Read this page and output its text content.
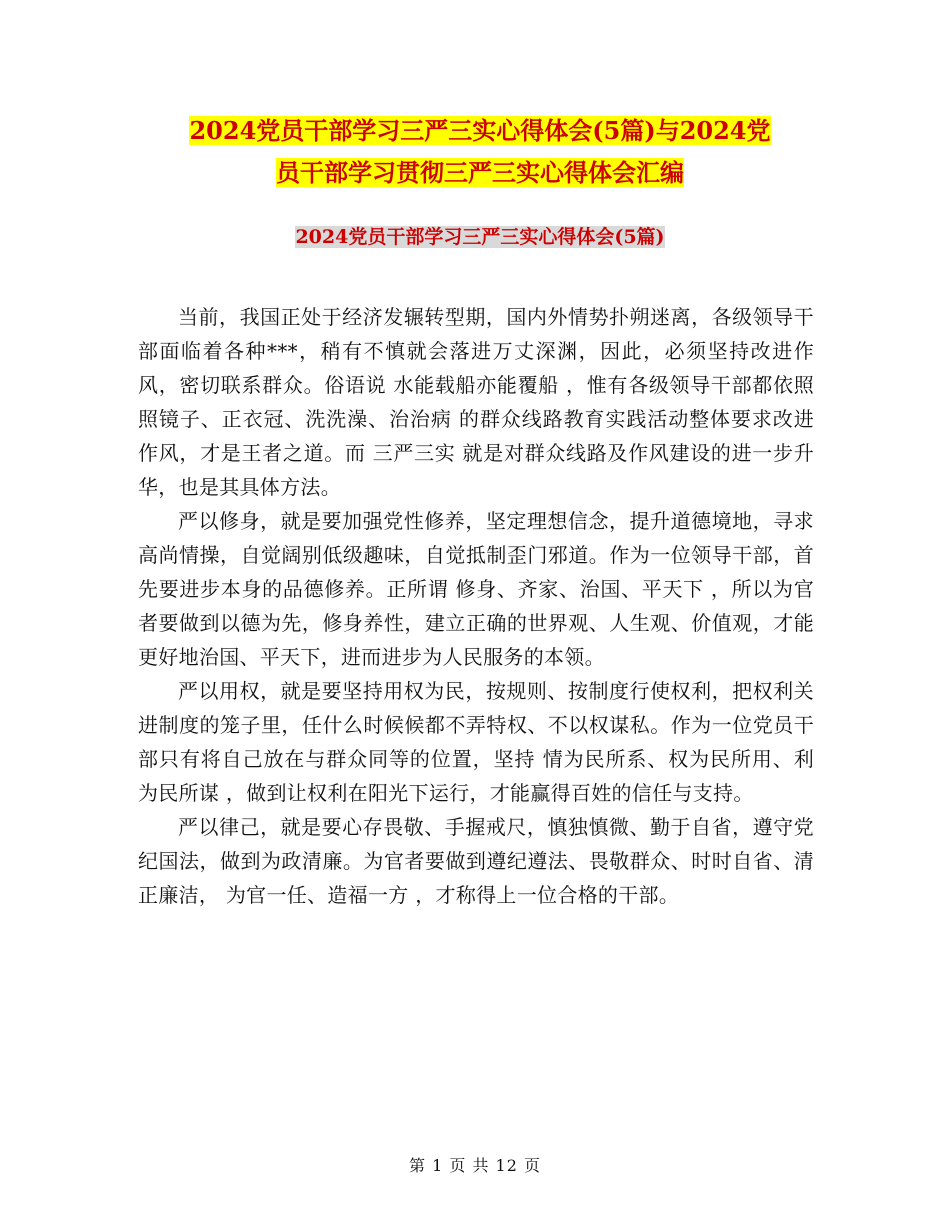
2024党员干部学习三严三实心得体会(5篇)与2024党
员干部学习贯彻三严三实心得体会汇编
2024党员干部学习三严三实心得体会(5篇)

当前，我国正处于经济发辗转型期，国内外情势扑朔迷离，各级领导干部面临着各种***，稍有不慎就会落进万丈深渊，因此，必须坚持改进作风，密切联系群众。俗语说 水能载船亦能覆船 ，惟有各级领导干部都依照 照镜子、正衣冠、洗洗澡、治治病 的群众线路教育实践活动整体要求改进作风，才是王者之道。而 三严三实 就是对群众线路及作风建设的进一步升华，也是其具体方法。

严以修身，就是要加强党性修养，坚定理想信念，提升道德境地，寻求高尚情操，自觉阔别低级趣味，自觉抵制歪门邪道。作为一位领导干部，首先要进步本身的品德修养。正所谓 修身、齐家、治国、平天下 ，所以为官者要做到以德为先，修身养性，建立正确的世界观、人生观、价值观，才能更好地治国、平天下，进而进步为人民服务的本领。

严以用权，就是要坚持用权为民，按规则、按制度行使权利，把权利关进制度的笼子里，任什么时候候都不弄特权、不以权谋私。作为一位党员干部只有将自己放在与群众同等的位置，坚持 情为民所系、权为民所用、利为民所谋 ，做到让权利在阳光下运行，才能赢得百姓的信任与支持。

严以律己，就是要心存畏敬、手握戒尺，慎独慎微、勤于自省，遵守党纪国法，做到为政清廉。为官者要做到遵纪遵法、畏敬群众、时时自省、清正廉洁， 为官一任、造福一方 ，才称得上一位合格的干部。

第 1 页 共 12 页
